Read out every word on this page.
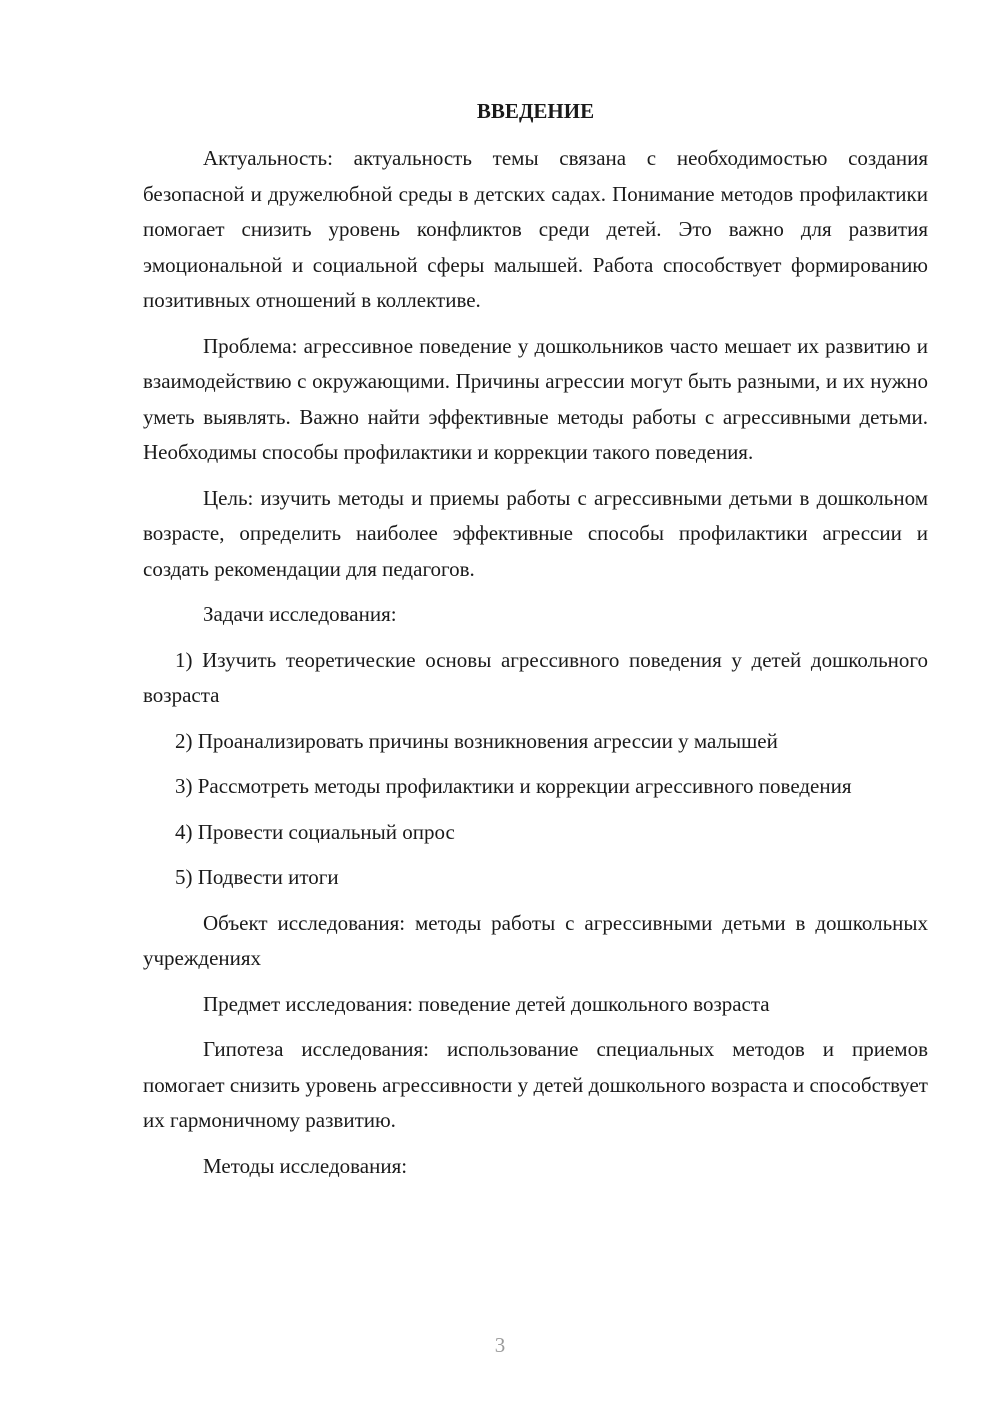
ВВЕДЕНИЕ

Актуальность: актуальность темы связана с необходимостью создания безопасной и дружелюбной среды в детских садах. Понимание методов профилактики помогает снизить уровень конфликтов среди детей. Это важно для развития эмоциональной и социальной сферы малышей. Работа способствует формированию позитивных отношений в коллективе.

Проблема: агрессивное поведение у дошкольников часто мешает их развитию и взаимодействию с окружающими. Причины агрессии могут быть разными, и их нужно уметь выявлять. Важно найти эффективные методы работы с агрессивными детьми. Необходимы способы профилактики и коррекции такого поведения.

Цель: изучить методы и приемы работы с агрессивными детьми в дошкольном возрасте, определить наиболее эффективные способы профилактики агрессии и создать рекомендации для педагогов.

Задачи исследования:

1) Изучить теоретические основы агрессивного поведения у детей дошкольного возраста

2) Проанализировать причины возникновения агрессии у малышей

3) Рассмотреть методы профилактики и коррекции агрессивного поведения

4) Провести социальный опрос

5) Подвести итоги

Объект исследования: методы работы с агрессивными детьми в дошкольных учреждениях

Предмет исследования: поведение детей дошкольного возраста

Гипотеза исследования: использование специальных методов и приемов помогает снизить уровень агрессивности у детей дошкольного возраста и способствует их гармоничному развитию.

Методы исследования:

3
